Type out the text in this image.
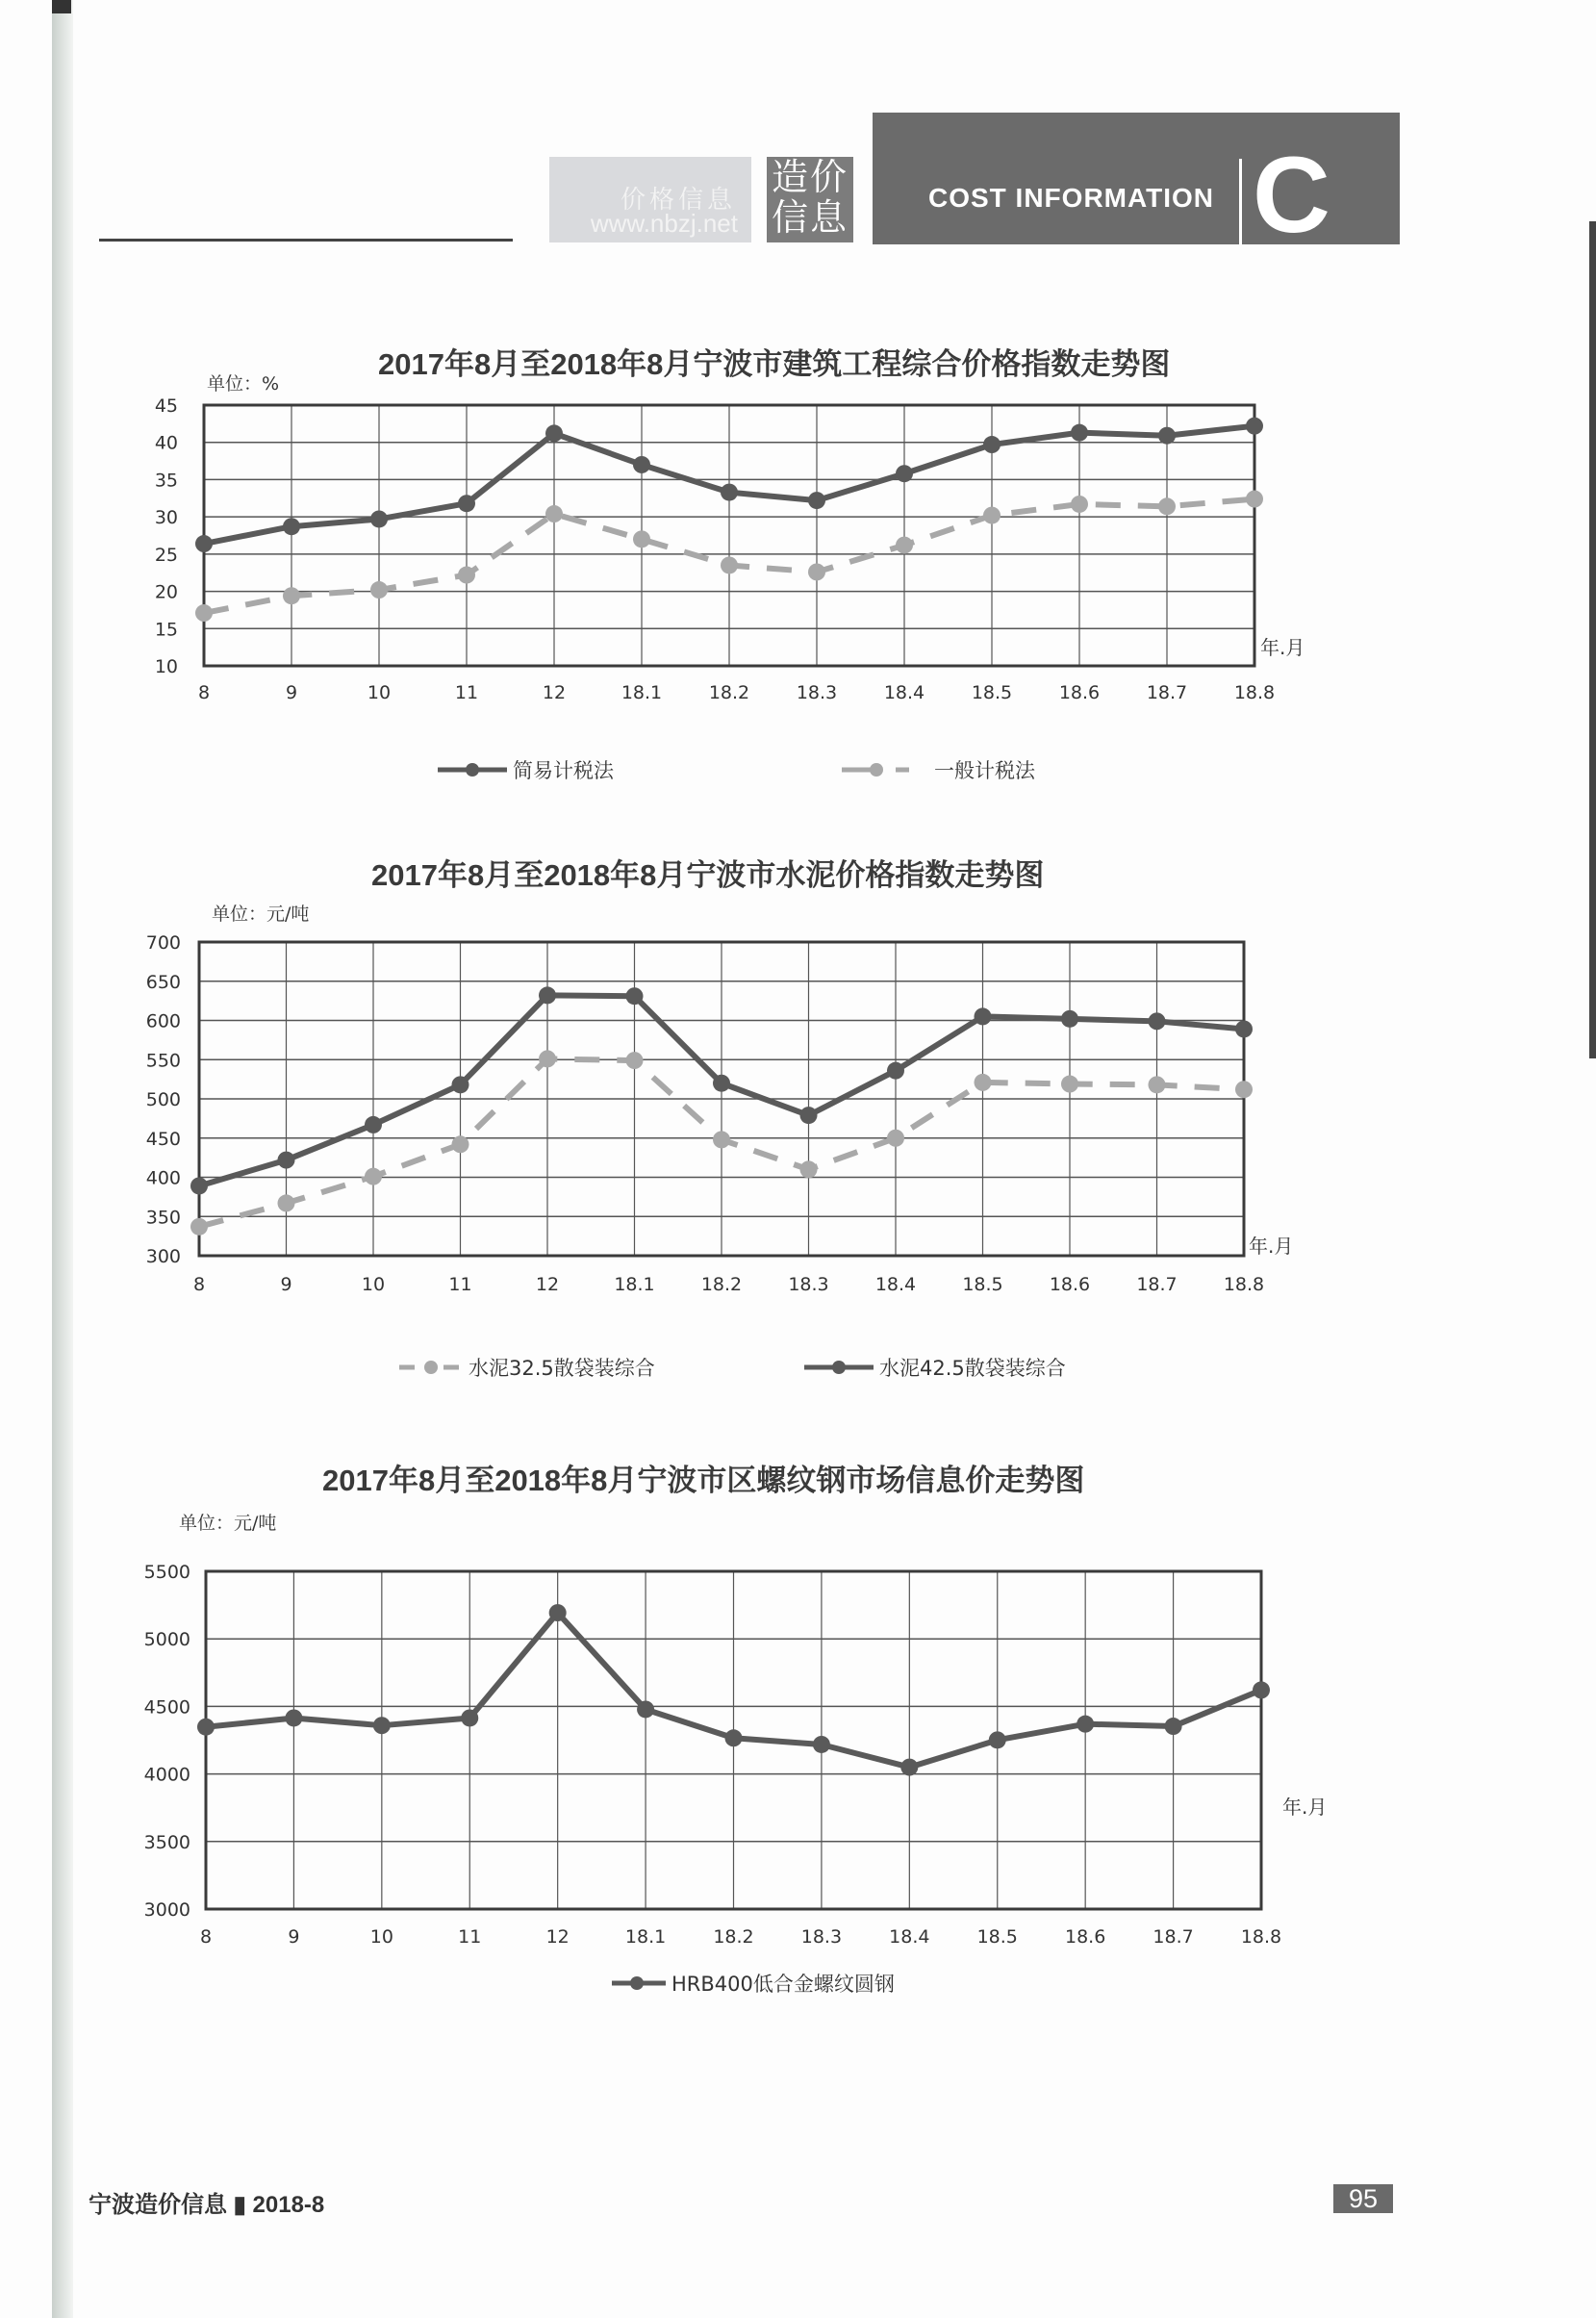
价格信息
www.nbzj.net
造价
信息	COST INFORMATION C
2017年8月至2018年8月宁波市建筑工程综合价格指数走势图
单位：%
45
40
35
30
25
20
15
10
8	9	10	11	12	18.1	18.2	18.3	18.4	18.5	18.6	18.7	18.8
年.月
简易计税法	一般计税法
2017年8月至2018年8月宁波市水泥价格指数走势图
单位：元/吨
700
650
600
550
500
450
400
350
300
8	9	10	11	12	18.1	18.2	18.3	18.4	18.5	18.6	18.7	18.8
年.月
水泥32.5散袋装综合	水泥42.5散袋装综合
2017年8月至2018年8月宁波市区螺纹钢市场信息价走势图
单位：元/吨
5500
5000
4500
4000
3500
3000
8	9	10	11	12	18.1	18.2	18.3	18.4	18.5	18.6	18.7	18.8
年.月
HRB400低合金螺纹圆钢
宁波造价信息 ▮ 2018-8	95
